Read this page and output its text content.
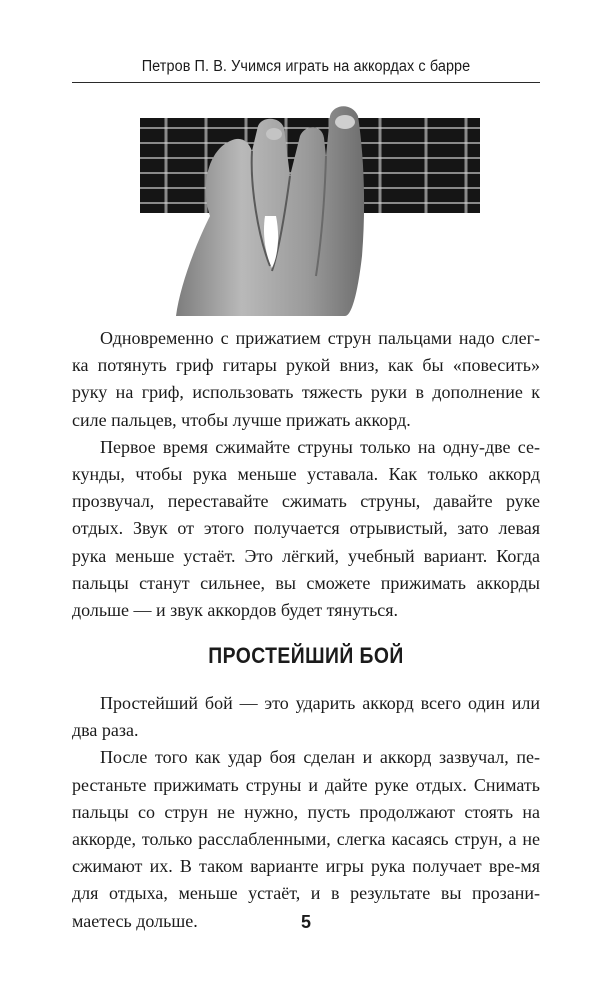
Петров П. В. Учимся играть на аккордах с барре

Одновременно с прижатием струн пальцами надо слег-ка потянуть гриф гитары рукой вниз, как бы «повесить» руку на гриф, использовать тяжесть руки в дополнение к силе пальцев, чтобы лучше прижать аккорд.

Первое время сжимайте струны только на одну-две се-кунды, чтобы рука меньше уставала. Как только аккорд прозвучал, переставайте сжимать струны, давайте руке отдых. Звук от этого получается отрывистый, зато левая рука меньше устаёт. Это лёгкий, учебный вариант. Когда пальцы станут сильнее, вы сможете прижимать аккорды дольше — и звук аккордов будет тянуться.

ПРОСТЕЙШИЙ БОЙ

Простейший бой — это ударить аккорд всего один или два раза.

После того как удар боя сделан и аккорд зазвучал, пе-рестаньте прижимать струны и дайте руке отдых. Снимать пальцы со струн не нужно, пусть продолжают стоять на аккорде, только расслабленными, слегка касаясь струн, а не сжимают их. В таком варианте игры рука получает вре-мя для отдыха, меньше устаёт, и в результате вы прозани-маетесь дольше.	5
